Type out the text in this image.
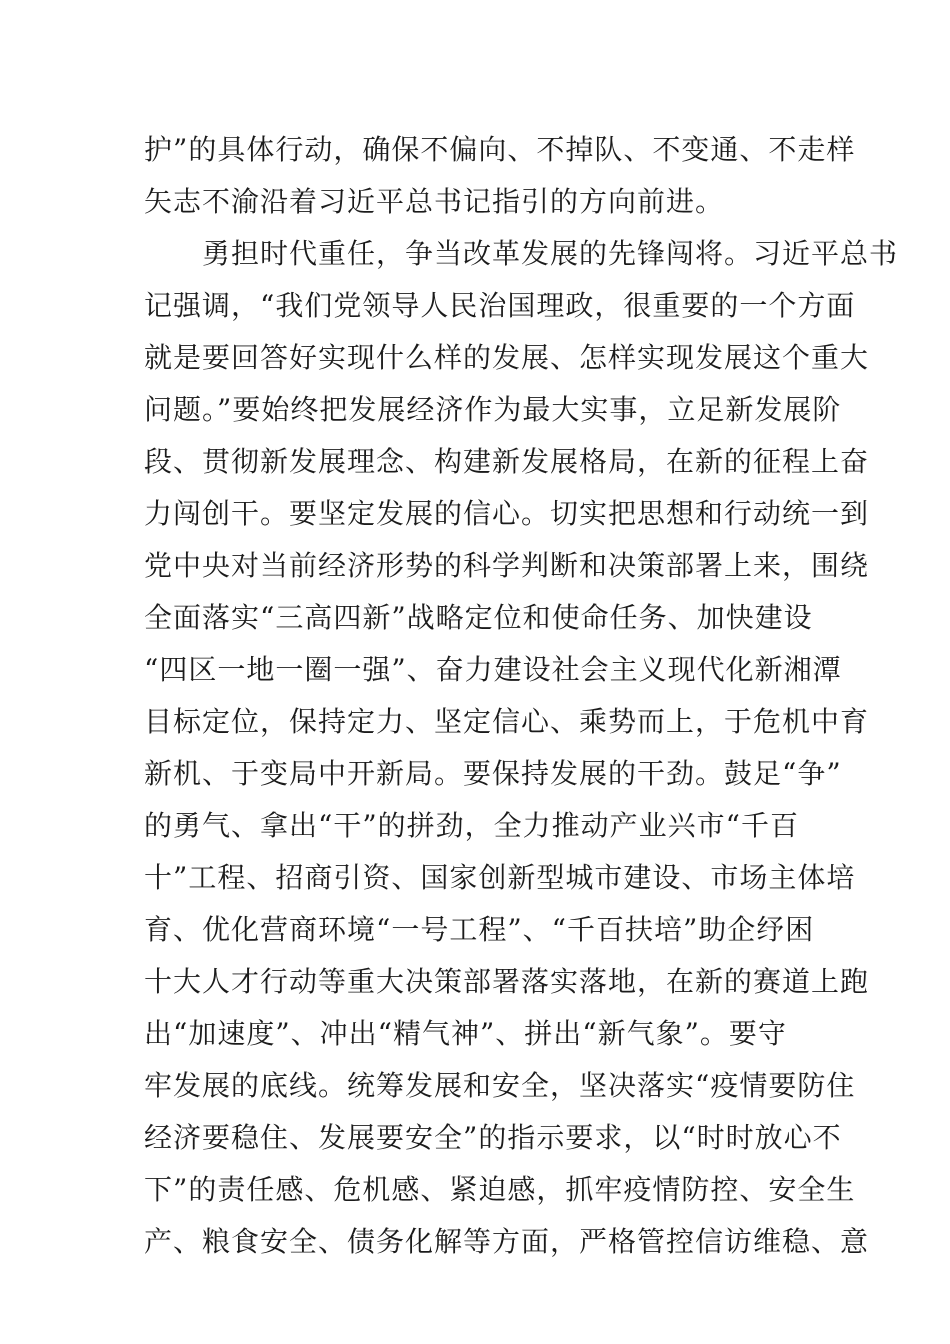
护”的具体行动，确保不偏向、不掉队、不变通、不走样
矢志不渝沿着习近平总书记指引的方向前进。
　　勇担时代重任，争当改革发展的先锋闯将。习近平总书
记强调，“我们党领导人民治国理政，很重要的一个方面
就是要回答好实现什么样的发展、怎样实现发展这个重大
问题。”要始终把发展经济作为最大实事，立足新发展阶
段、贯彻新发展理念、构建新发展格局，在新的征程上奋
力闯创干。要坚定发展的信心。切实把思想和行动统一到
党中央对当前经济形势的科学判断和决策部署上来，围绕
全面落实“三高四新”战略定位和使命任务、加快建设
“四区一地一圈一强”、奋力建设社会主义现代化新湘潭
目标定位，保持定力、坚定信心、乘势而上，于危机中育
新机、于变局中开新局。要保持发展的干劲。鼓足“争”
的勇气、拿出“干”的拼劲，全力推动产业兴市“千百
十”工程、招商引资、国家创新型城市建设、市场主体培
育、优化营商环境“一号工程”、“千百扶培”助企纾困
十大人才行动等重大决策部署落实落地，在新的赛道上跑
出“加速度”、冲出“精气神”、拼出“新气象”。要守
牢发展的底线。统筹发展和安全，坚决落实“疫情要防住
经济要稳住、发展要安全”的指示要求，以“时时放心不
下”的责任感、危机感、紧迫感，抓牢疫情防控、安全生
产、粮食安全、债务化解等方面，严格管控信访维稳、意
